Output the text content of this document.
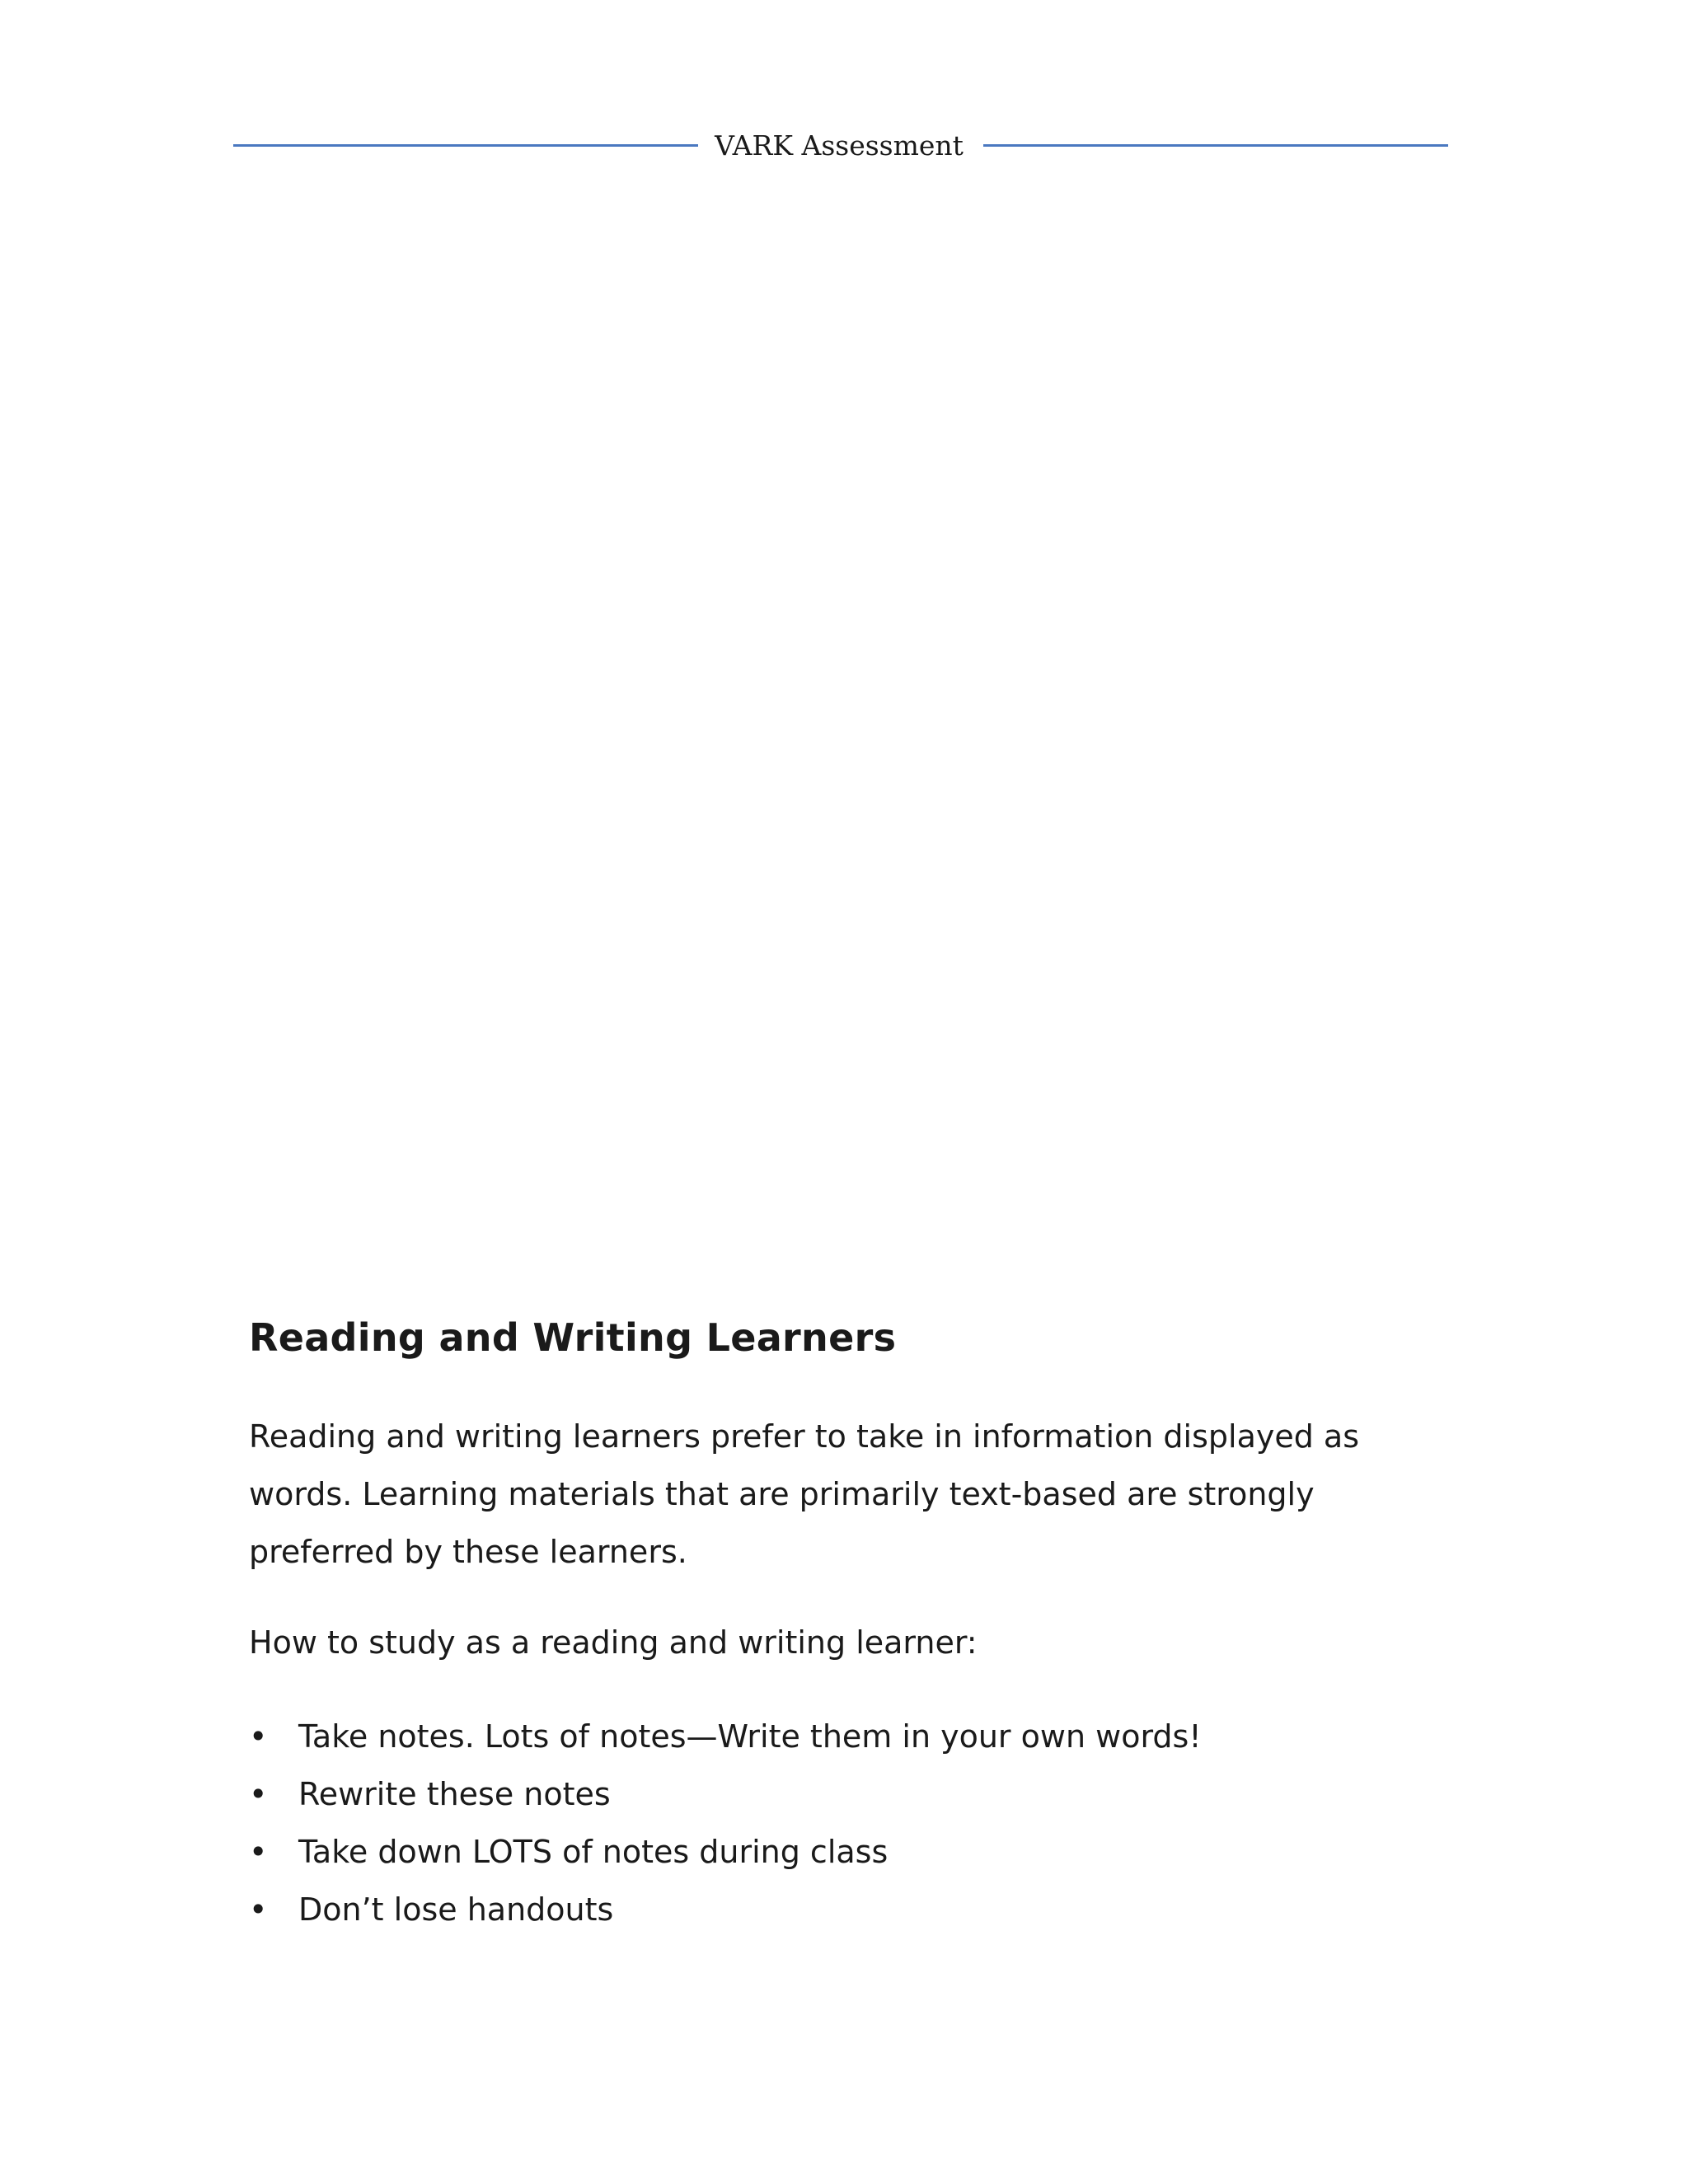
VARK Assessment
Reading and Writing Learners

Reading and writing learners prefer to take in information displayed as words. Learning materials that are primarily text-based are strongly preferred by these learners.

How to study as a reading and writing learner:

• Take notes. Lots of notes—Write them in your own words!
• Rewrite these notes
• Take down LOTS of notes during class
• Don’t lose handouts
